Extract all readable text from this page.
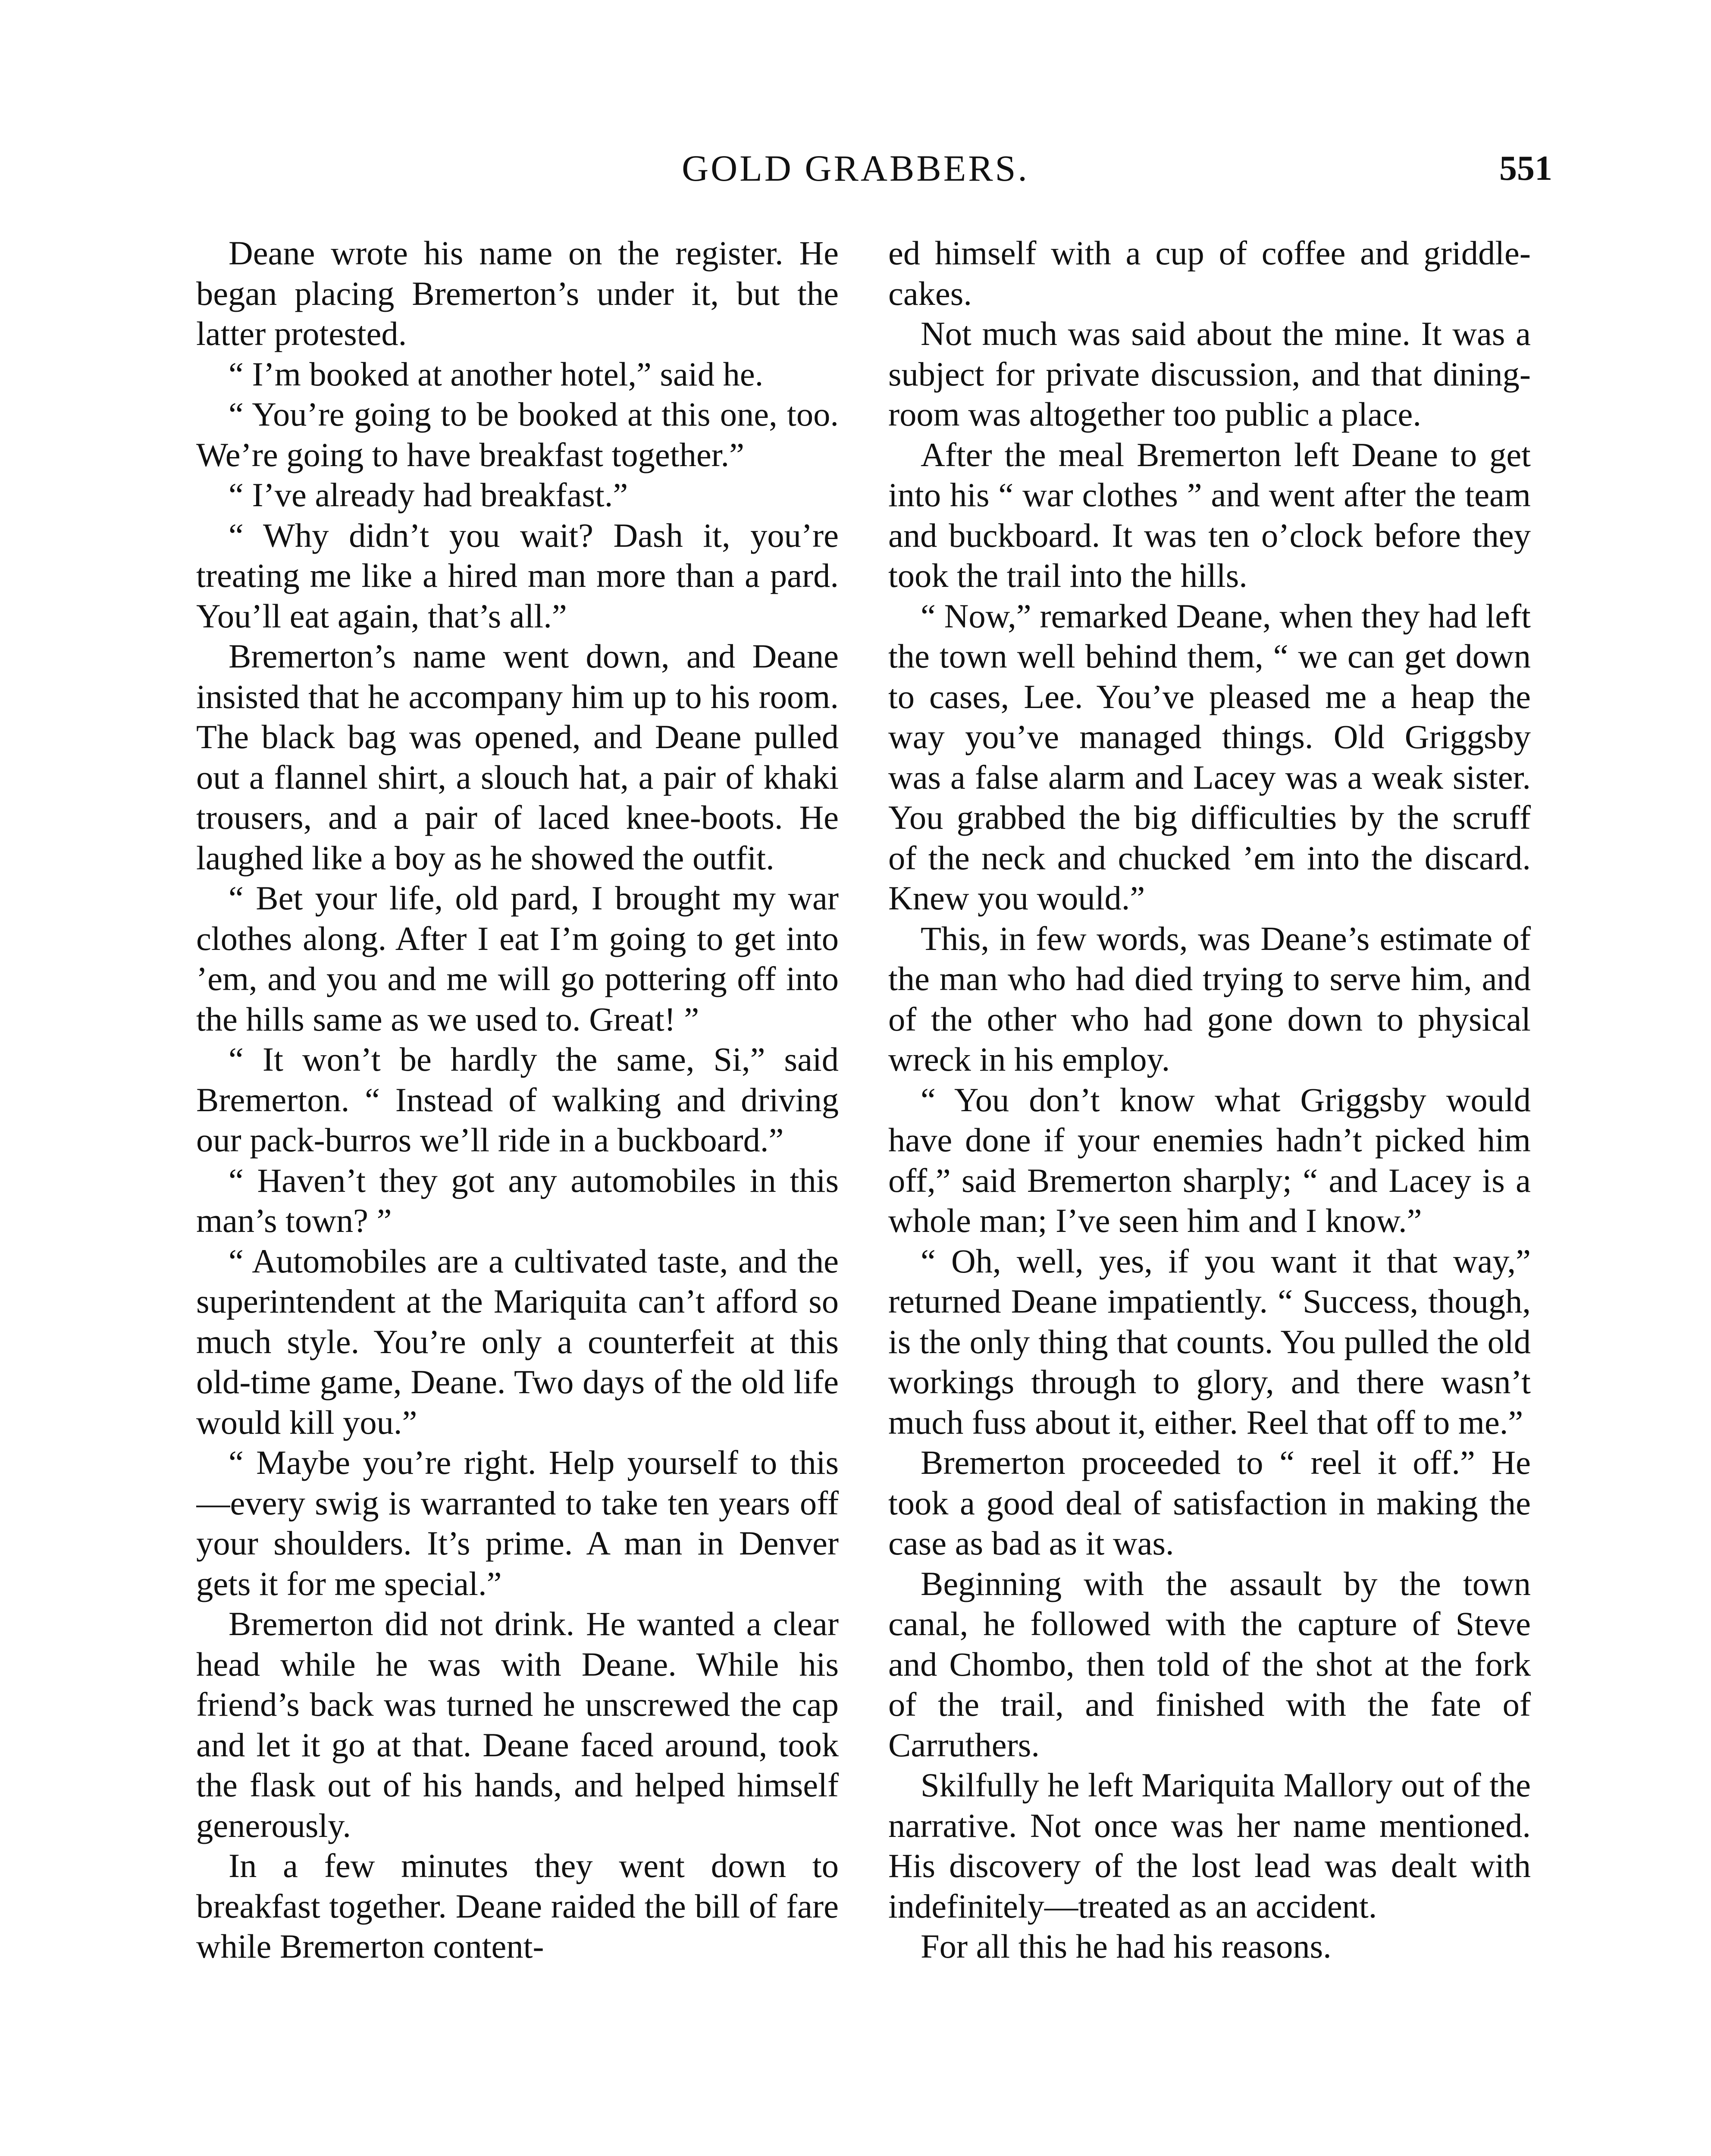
GOLD GRABBERS.	551

Deane wrote his name on the register. He began placing Bremerton’s under it, but the latter protested.

“ I’m booked at another hotel,” said he.

“ You’re going to be booked at this one, too. We’re going to have breakfast together.”

“ I’ve already had breakfast.”

“ Why didn’t you wait? Dash it, you’re treating me like a hired man more than a pard. You’ll eat again, that’s all.”

Bremerton’s name went down, and Deane insisted that he accompany him up to his room. The black bag was opened, and Deane pulled out a flannel shirt, a slouch hat, a pair of khaki trousers, and a pair of laced knee-boots. He laughed like a boy as he showed the outfit.

“ Bet your life, old pard, I brought my war clothes along. After I eat I’m going to get into ’em, and you and me will go pottering off into the hills same as we used to. Great! ”

“ It won’t be hardly the same, Si,” said Bremerton. “ Instead of walking and driving our pack-burros we’ll ride in a buckboard.”

“ Haven’t they got any automobiles in this man’s town? ”

“ Automobiles are a cultivated taste, and the superintendent at the Mariquita can’t afford so much style. You’re only a counterfeit at this old-time game, Deane. Two days of the old life would kill you.”

“ Maybe you’re right. Help yourself to this—every swig is warranted to take ten years off your shoulders. It’s prime. A man in Denver gets it for me special.”

Bremerton did not drink. He wanted a clear head while he was with Deane. While his friend’s back was turned he unscrewed the cap and let it go at that. Deane faced around, took the flask out of his hands, and helped himself generously.

In a few minutes they went down to breakfast together. Deane raided the bill of fare while Bremerton content-

ed himself with a cup of coffee and griddle-cakes.

Not much was said about the mine. It was a subject for private discussion, and that dining-room was altogether too public a place.

After the meal Bremerton left Deane to get into his “ war clothes ” and went after the team and buckboard. It was ten o’clock before they took the trail into the hills.

“ Now,” remarked Deane, when they had left the town well behind them, “ we can get down to cases, Lee. You’ve pleased me a heap the way you’ve managed things. Old Griggsby was a false alarm and Lacey was a weak sister. You grabbed the big difficulties by the scruff of the neck and chucked ’em into the discard. Knew you would.”

This, in few words, was Deane’s estimate of the man who had died trying to serve him, and of the other who had gone down to physical wreck in his employ.

“ You don’t know what Griggsby would have done if your enemies hadn’t picked him off,” said Bremerton sharply; “ and Lacey is a whole man; I’ve seen him and I know.”

“ Oh, well, yes, if you want it that way,” returned Deane impatiently. “ Success, though, is the only thing that counts. You pulled the old workings through to glory, and there wasn’t much fuss about it, either. Reel that off to me.”

Bremerton proceeded to “ reel it off.” He took a good deal of satisfaction in making the case as bad as it was.

Beginning with the assault by the town canal, he followed with the capture of Steve and Chombo, then told of the shot at the fork of the trail, and finished with the fate of Carruthers.

Skilfully he left Mariquita Mallory out of the narrative. Not once was her name mentioned. His discovery of the lost lead was dealt with indefinitely—treated as an accident.

For all this he had his reasons.
